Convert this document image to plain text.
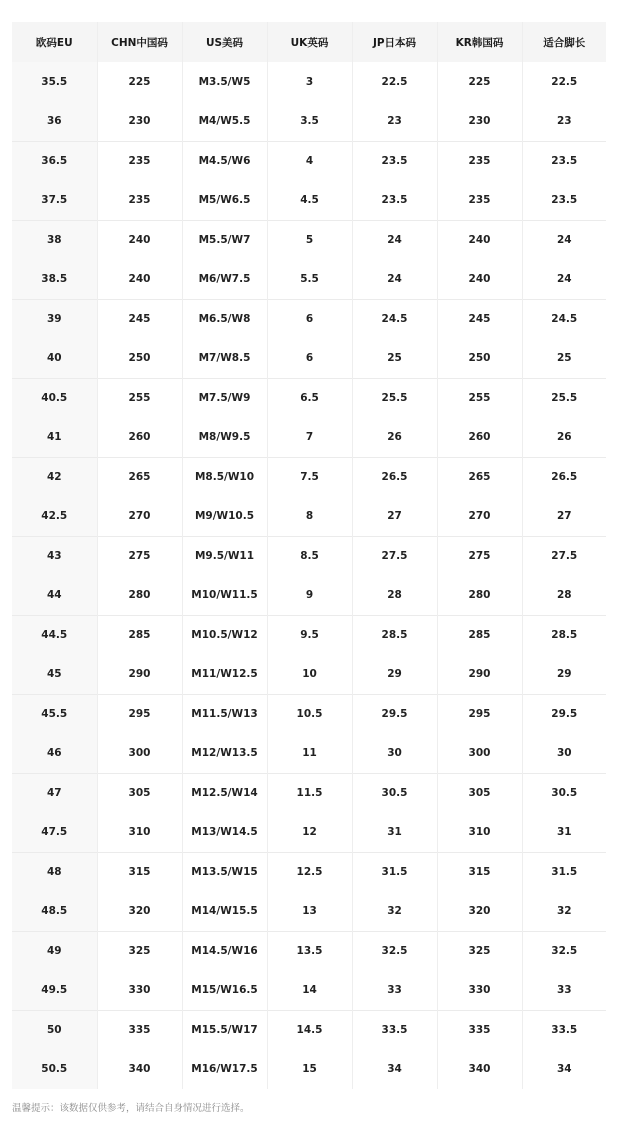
欧码EU	CHN中国码	US美码	UK英码	JP日本码	KR韩国码	适合脚长
35.5	225	M3.5/W5	3	22.5	225	22.5
36	230	M4/W5.5	3.5	23	230	23
36.5	235	M4.5/W6	4	23.5	235	23.5
37.5	235	M5/W6.5	4.5	23.5	235	23.5
38	240	M5.5/W7	5	24	240	24
38.5	240	M6/W7.5	5.5	24	240	24
39	245	M6.5/W8	6	24.5	245	24.5
40	250	M7/W8.5	6	25	250	25
40.5	255	M7.5/W9	6.5	25.5	255	25.5
41	260	M8/W9.5	7	26	260	26
42	265	M8.5/W10	7.5	26.5	265	26.5
42.5	270	M9/W10.5	8	27	270	27
43	275	M9.5/W11	8.5	27.5	275	27.5
44	280	M10/W11.5	9	28	280	28
44.5	285	M10.5/W12	9.5	28.5	285	28.5
45	290	M11/W12.5	10	29	290	29
45.5	295	M11.5/W13	10.5	29.5	295	29.5
46	300	M12/W13.5	11	30	300	30
47	305	M12.5/W14	11.5	30.5	305	30.5
47.5	310	M13/W14.5	12	31	310	31
48	315	M13.5/W15	12.5	31.5	315	31.5
48.5	320	M14/W15.5	13	32	320	32
49	325	M14.5/W16	13.5	32.5	325	32.5
49.5	330	M15/W16.5	14	33	330	33
50	335	M15.5/W17	14.5	33.5	335	33.5
50.5	340	M16/W17.5	15	34	340	34
温馨提示：该数据仅供参考，请结合自身情况进行选择。
